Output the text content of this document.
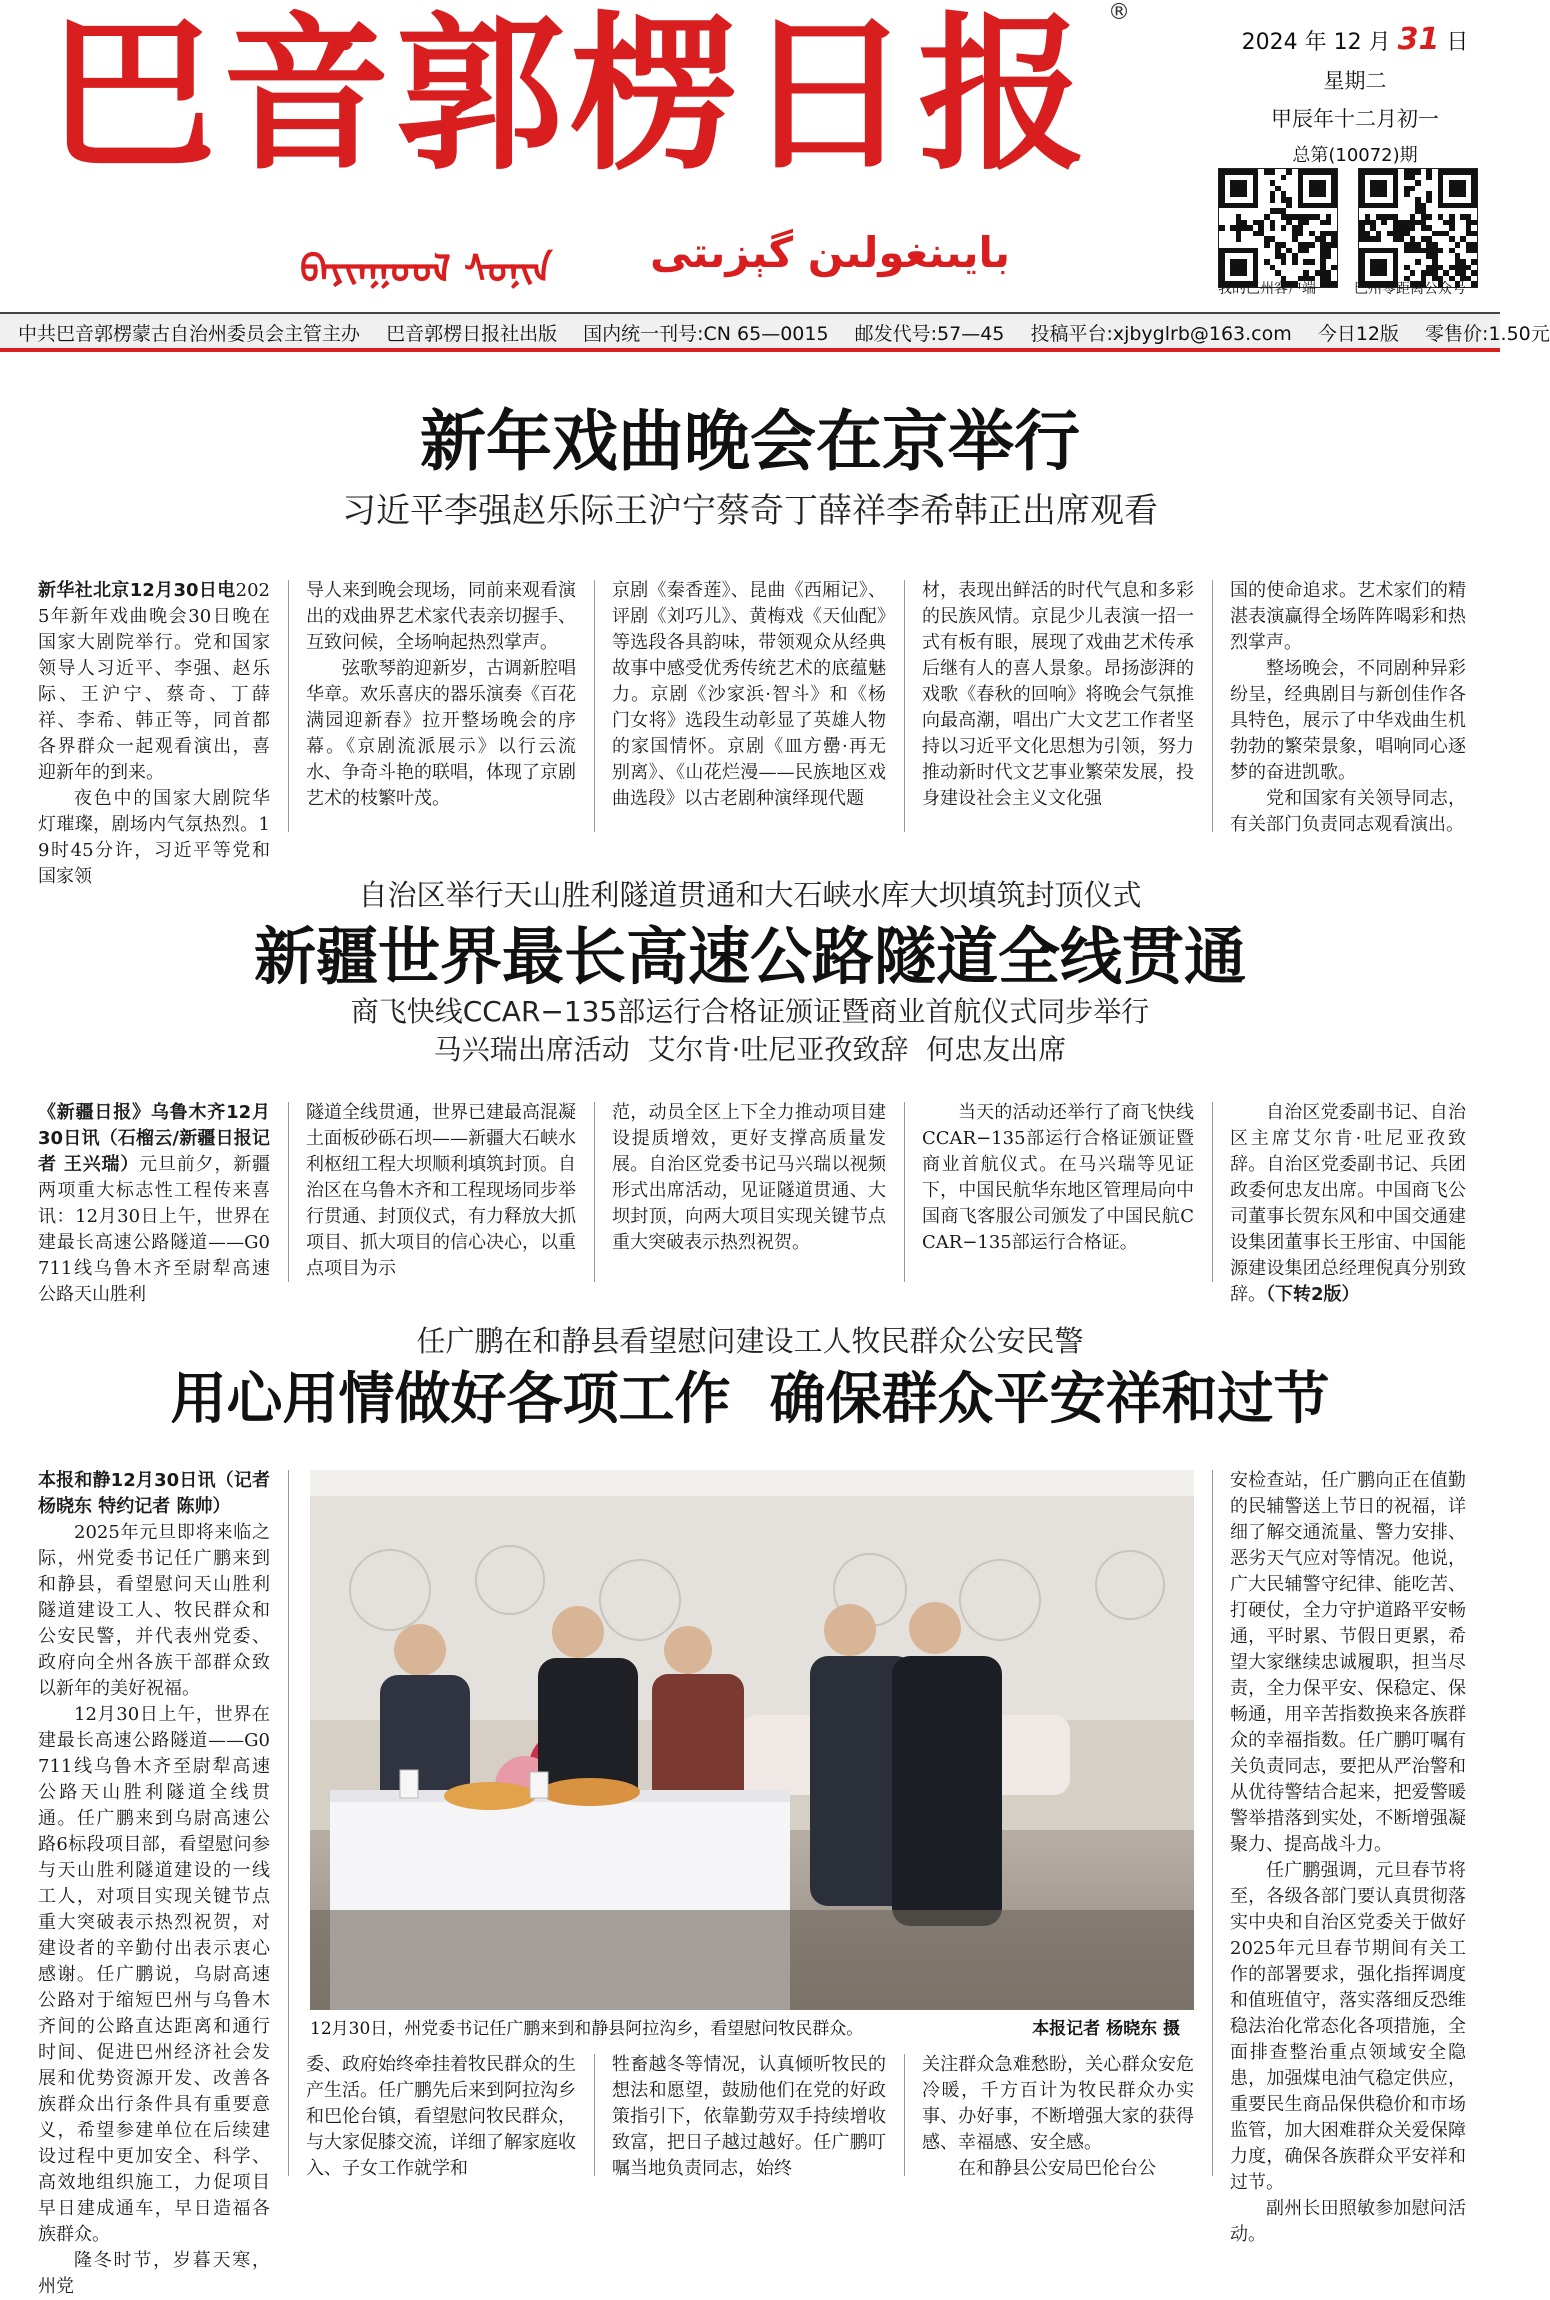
巴音郭楞日报 ®
ᠪᠠᠶᠢᠨᠭᠣᠣᠯ ᠰᠣᠨᠢᠨ	بايىنغولىن گېزىتى
2024 年 12 月 31 日
星期二
甲辰年十二月初一
总第(10072)期
我的巴州客户端	巴州零距离公众号
中共巴音郭楞蒙古自治州委员会主管主办 巴音郭楞日报社出版 国内统一刊号:CN 65—0015 邮发代号:57—45 投稿平台:xjbyglrb@163.com 今日12版 零售价:1.50元
新年戏曲晚会在京举行
习近平李强赵乐际王沪宁蔡奇丁薛祥李希韩正出席观看

新华社北京12月30日电2025年新年戏曲晚会30日晚在国家大剧院举行。党和国家领导人习近平、李强、赵乐际、王沪宁、蔡奇、丁薛祥、李希、韩正等，同首都各界群众一起观看演出，喜迎新年的到来。

夜色中的国家大剧院华灯璀璨，剧场内气氛热烈。19时45分许，习近平等党和国家领

导人来到晚会现场，同前来观看演出的戏曲界艺术家代表亲切握手、互致问候，全场响起热烈掌声。

弦歌琴韵迎新岁，古调新腔唱华章。欢乐喜庆的器乐演奏《百花满园迎新春》拉开整场晚会的序幕。《京剧流派展示》以行云流水、争奇斗艳的联唱，体现了京剧艺术的枝繁叶茂。

京剧《秦香莲》、昆曲《西厢记》、评剧《刘巧儿》、黄梅戏《天仙配》等选段各具韵味，带领观众从经典故事中感受优秀传统艺术的底蕴魅力。京剧《沙家浜·智斗》和《杨门女将》选段生动彰显了英雄人物的家国情怀。京剧《皿方罍·再无别离》、《山花烂漫——民族地区戏曲选段》以古老剧种演绎现代题

材，表现出鲜活的时代气息和多彩的民族风情。京昆少儿表演一招一式有板有眼，展现了戏曲艺术传承后继有人的喜人景象。昂扬澎湃的戏歌《春秋的回响》将晚会气氛推向最高潮，唱出广大文艺工作者坚持以习近平文化思想为引领，努力推动新时代文艺事业繁荣发展，投身建设社会主义文化强

国的使命追求。艺术家们的精湛表演赢得全场阵阵喝彩和热烈掌声。

整场晚会，不同剧种异彩纷呈，经典剧目与新创佳作各具特色，展示了中华戏曲生机勃勃的繁荣景象，唱响同心逐梦的奋进凯歌。

党和国家有关领导同志，有关部门负责同志观看演出。

自治区举行天山胜利隧道贯通和大石峡水库大坝填筑封顶仪式
新疆世界最长高速公路隧道全线贯通
商飞快线CCAR−135部运行合格证颁证暨商业首航仪式同步举行
马兴瑞出席活动  艾尔肯·吐尼亚孜致辞  何忠友出席

《新疆日报》乌鲁木齐12月30日讯（石榴云/新疆日报记者 王兴瑞）元旦前夕，新疆两项重大标志性工程传来喜讯：12月30日上午，世界在建最长高速公路隧道——G0711线乌鲁木齐至尉犁高速公路天山胜利

隧道全线贯通，世界已建最高混凝土面板砂砾石坝——新疆大石峡水利枢纽工程大坝顺利填筑封顶。自治区在乌鲁木齐和工程现场同步举行贯通、封顶仪式，有力释放大抓项目、抓大项目的信心决心，以重点项目为示

范，动员全区上下全力推动项目建设提质增效，更好支撑高质量发展。自治区党委书记马兴瑞以视频形式出席活动，见证隧道贯通、大坝封顶，向两大项目实现关键节点重大突破表示热烈祝贺。

当天的活动还举行了商飞快线CCAR−135部运行合格证颁证暨商业首航仪式。在马兴瑞等见证下，中国民航华东地区管理局向中国商飞客服公司颁发了中国民航CCAR−135部运行合格证。

自治区党委副书记、自治区主席艾尔肯·吐尼亚孜致辞。自治区党委副书记、兵团政委何忠友出席。中国商飞公司董事长贺东风和中国交通建设集团董事长王彤宙、中国能源建设集团总经理倪真分别致辞。（下转2版）

任广鹏在和静县看望慰问建设工人牧民群众公安民警
用心用情做好各项工作  确保群众平安祥和过节

本报和静12月30日讯（记者 杨晓东 特约记者 陈帅）

2025年元旦即将来临之际，州党委书记任广鹏来到和静县，看望慰问天山胜利隧道建设工人、牧民群众和公安民警，并代表州党委、政府向全州各族干部群众致以新年的美好祝福。

12月30日上午，世界在建最长高速公路隧道——G0711线乌鲁木齐至尉犁高速公路天山胜利隧道全线贯通。任广鹏来到乌尉高速公路6标段项目部，看望慰问参与天山胜利隧道建设的一线工人，对项目实现关键节点重大突破表示热烈祝贺，对建设者的辛勤付出表示衷心感谢。任广鹏说，乌尉高速公路对于缩短巴州与乌鲁木齐间的公路直达距离和通行时间、促进巴州经济社会发展和优势资源开发、改善各族群众出行条件具有重要意义，希望参建单位在后续建设过程中更加安全、科学、高效地组织施工，力促项目早日建成通车，早日造福各族群众。

隆冬时节，岁暮天寒，州党

12月30日，州党委书记任广鹏来到和静县阿拉沟乡，看望慰问牧民群众。	本报记者 杨晓东 摄

安检查站，任广鹏向正在值勤的民辅警送上节日的祝福，详细了解交通流量、警力安排、恶劣天气应对等情况。他说，广大民辅警守纪律、能吃苦、打硬仗，全力守护道路平安畅通，平时累、节假日更累，希望大家继续忠诚履职，担当尽责，全力保平安、保稳定、保畅通，用辛苦指数换来各族群众的幸福指数。任广鹏叮嘱有关负责同志，要把从严治警和从优待警结合起来，把爱警暖警举措落到实处，不断增强凝聚力、提高战斗力。

任广鹏强调，元旦春节将至，各级各部门要认真贯彻落实中央和自治区党委关于做好2025年元旦春节期间有关工作的部署要求，强化指挥调度和值班值守，落实落细反恐维稳法治化常态化各项措施，全面排查整治重点领域安全隐患，加强煤电油气稳定供应，重要民生商品保供稳价和市场监管，加大困难群众关爱保障力度，确保各族群众平安祥和过节。

副州长田照敏参加慰问活动。

委、政府始终牵挂着牧民群众的生产生活。任广鹏先后来到阿拉沟乡和巴伦台镇，看望慰问牧民群众，与大家促膝交流，详细了解家庭收入、子女工作就学和

牲畜越冬等情况，认真倾听牧民的想法和愿望，鼓励他们在党的好政策指引下，依靠勤劳双手持续增收致富，把日子越过越好。任广鹏叮嘱当地负责同志，始终

关注群众急难愁盼，关心群众安危冷暖，千方百计为牧民群众办实事、办好事，不断增强大家的获得感、幸福感、安全感。

在和静县公安局巴伦台公
